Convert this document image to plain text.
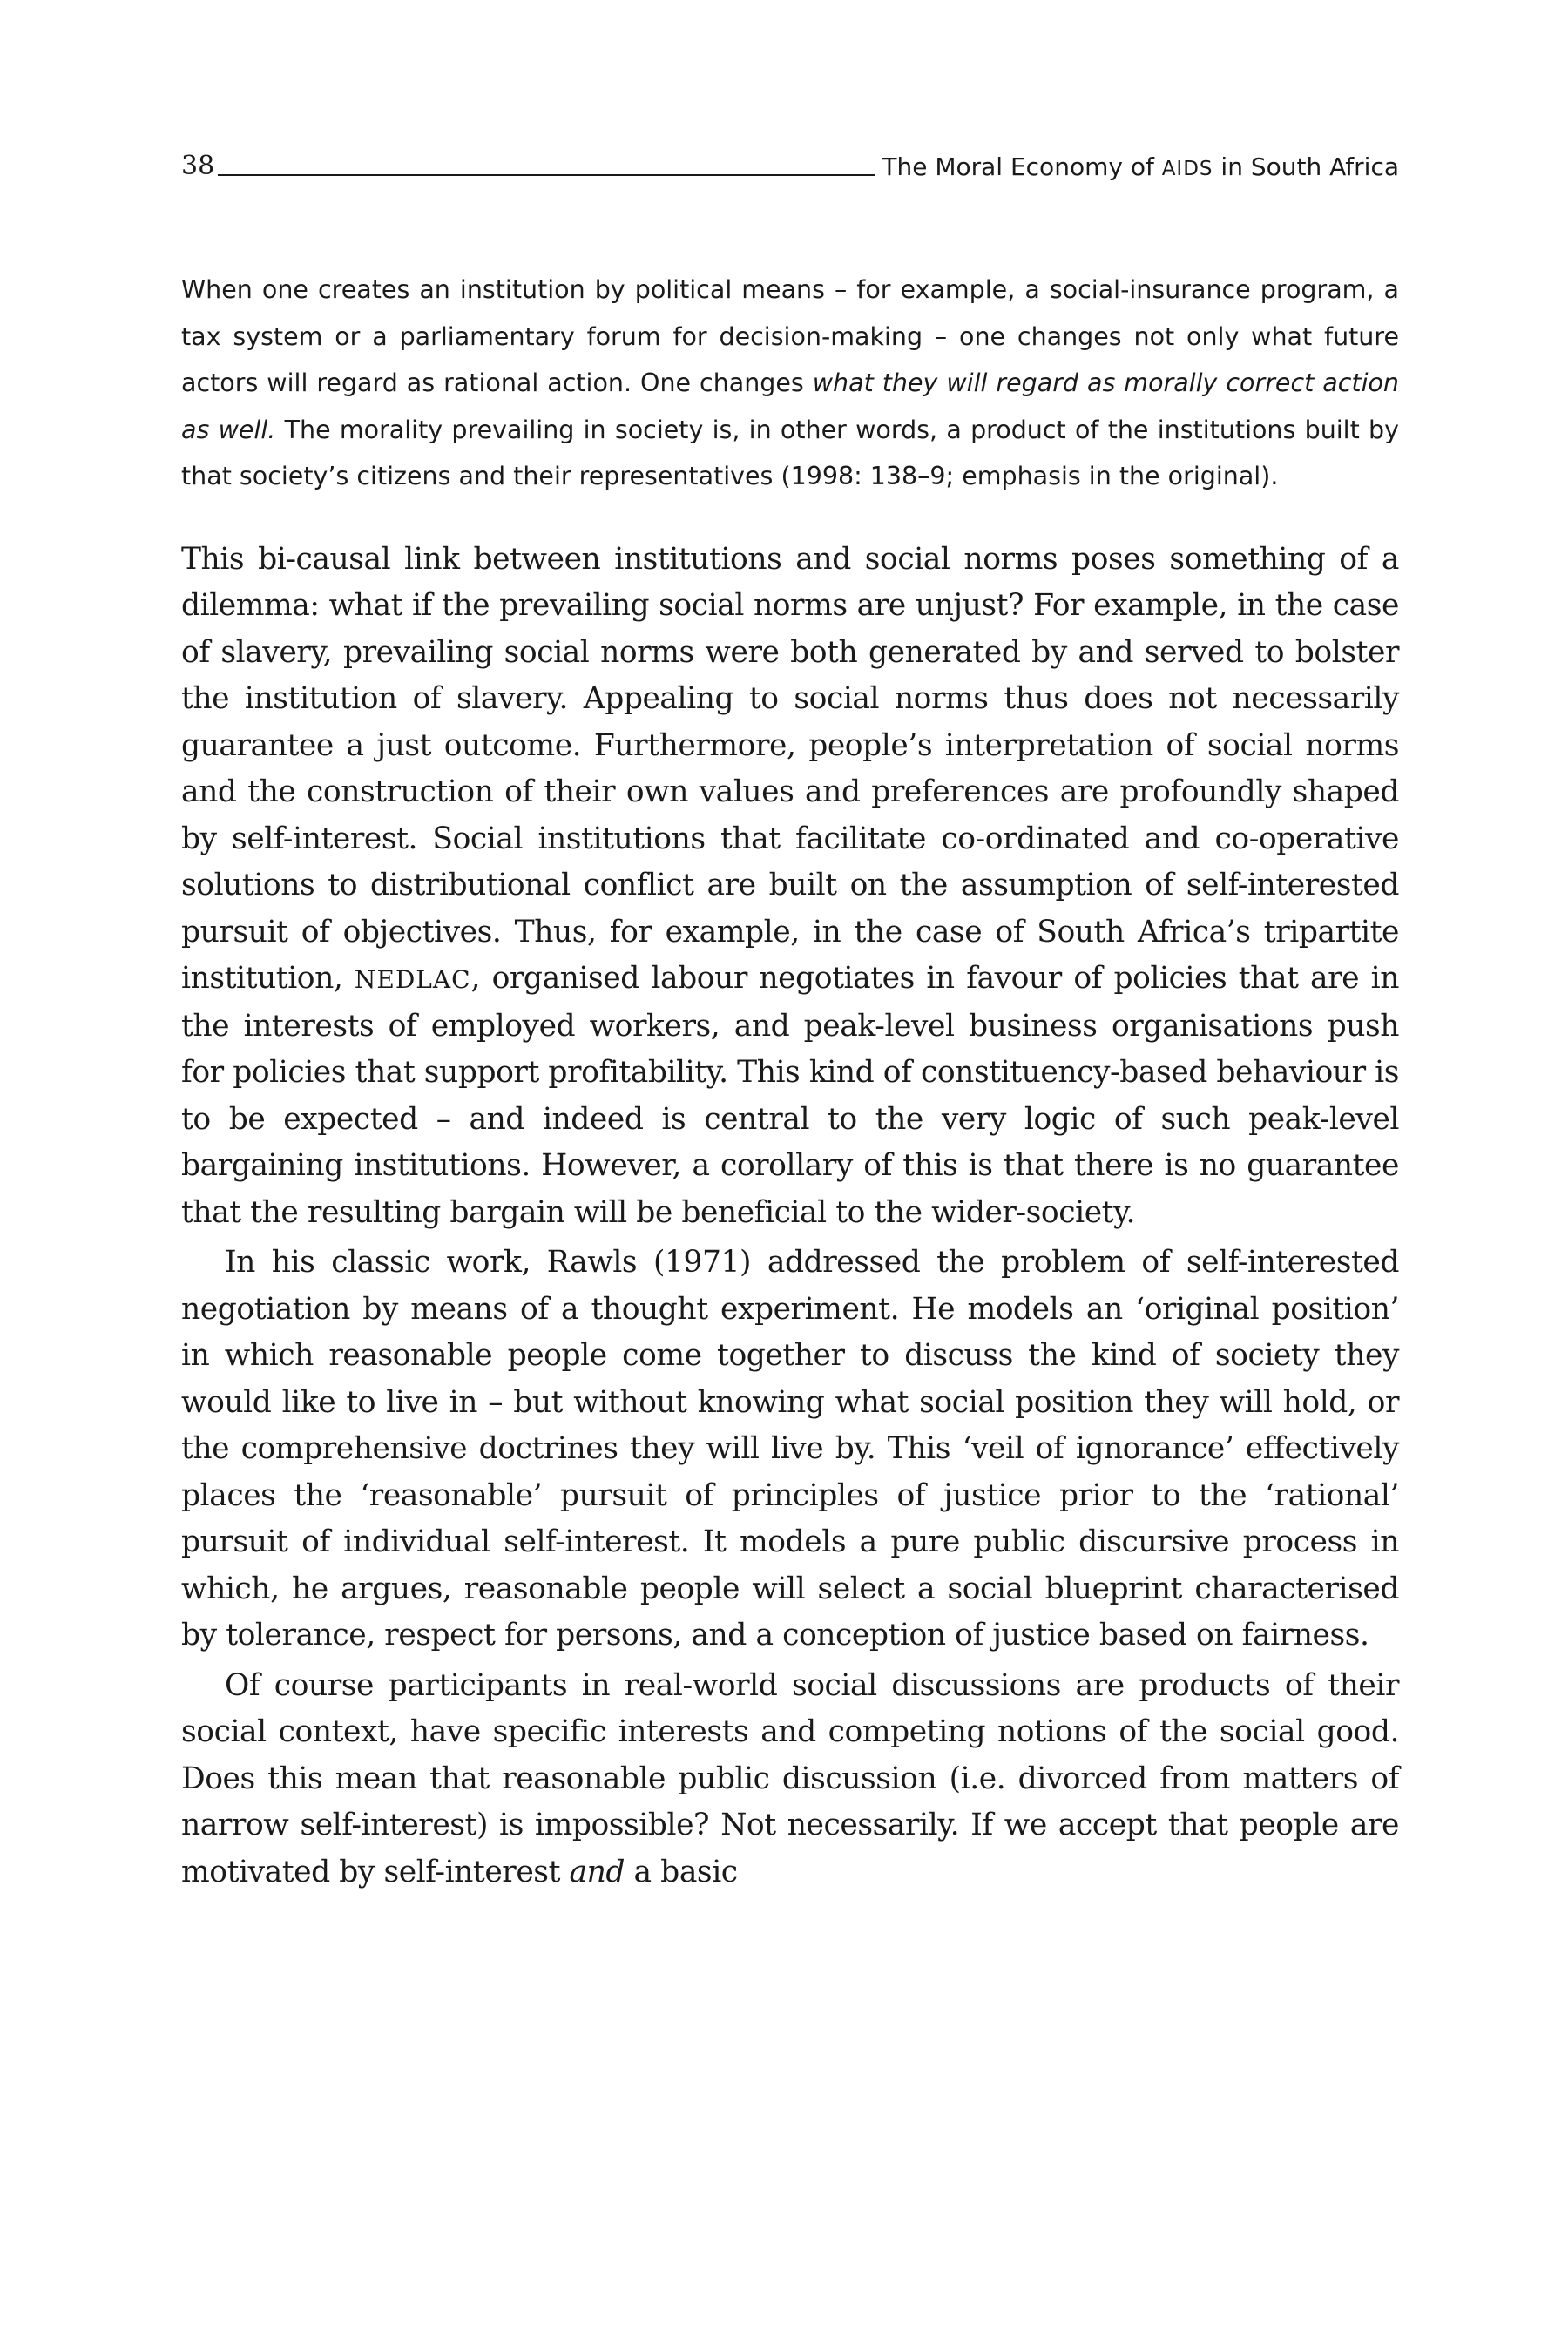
38	The Moral Economy of AIDS in South Africa
When one creates an institution by political means – for example, a social-insurance program, a tax system or a parliamentary forum for decision-making – one changes not only what future actors will regard as rational action. One changes what they will regard as morally correct action as well. The morality prevailing in society is, in other words, a product of the institutions built by that society’s citizens and their representatives (1998: 138–9; emphasis in the original).

This bi-causal link between institutions and social norms poses something of a dilemma: what if the prevailing social norms are unjust? For example, in the case of slavery, prevailing social norms were both generated by and served to bolster the institution of slavery. Appealing to social norms thus does not necessarily guarantee a just outcome. Furthermore, people’s interpretation of social norms and the construction of their own values and preferences are profoundly shaped by self-interest. Social institutions that facilitate co-ordinated and co-operative solutions to distributional conflict are built on the assumption of self-interested pursuit of objectives. Thus, for example, in the case of South Africa’s tripartite institution, NEDLAC, organised labour negotiates in favour of policies that are in the interests of employed workers, and peak-level business organisations push for policies that support profitability. This kind of constituency-based behaviour is to be expected – and indeed is central to the very logic of such peak-level bargaining institutions. However, a corollary of this is that there is no guarantee that the resulting bargain will be beneficial to the wider-society.

In his classic work, Rawls (1971) addressed the problem of self-interested negotiation by means of a thought experiment. He models an ‘original position’ in which reasonable people come together to discuss the kind of society they would like to live in – but without knowing what social position they will hold, or the comprehensive doctrines they will live by. This ‘veil of ignorance’ effectively places the ‘reasonable’ pursuit of principles of justice prior to the ‘rational’ pursuit of individual self-interest. It models a pure public discursive process in which, he argues, reasonable people will select a social blueprint characterised by tolerance, respect for persons, and a conception of justice based on fairness.

Of course participants in real-world social discussions are products of their social context, have specific interests and competing notions of the social good. Does this mean that reasonable public discussion (i.e. divorced from matters of narrow self-interest) is impossible? Not necessarily. If we accept that people are motivated by self-interest and a basic
